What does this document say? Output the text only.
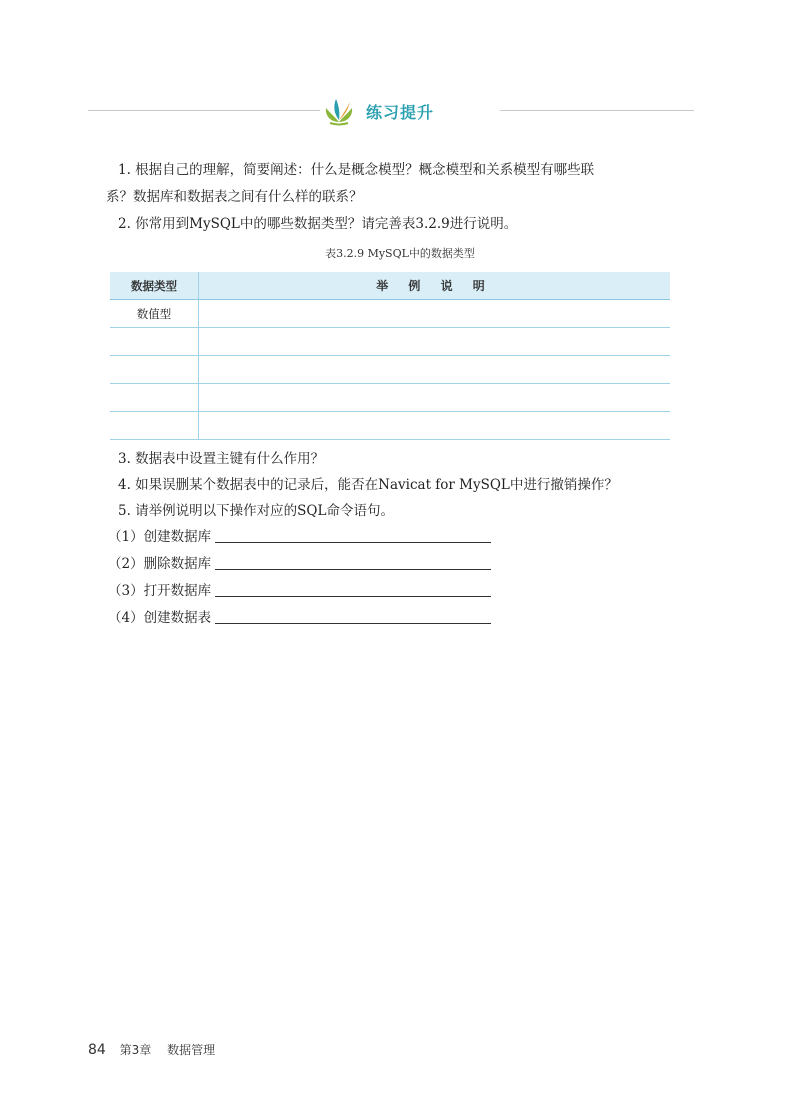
练习提升
1. 根据自己的理解，简要阐述：什么是概念模型？概念模型和关系模型有哪些联
系？数据库和数据表之间有什么样的联系？
2. 你常用到MySQL中的哪些数据类型？请完善表3.2.9进行说明。
表3.2.9 MySQL中的数据类型
数据类型	举 例 说 明
数值型
3. 数据表中设置主键有什么作用？
4. 如果误删某个数据表中的记录后，能否在Navicat for MySQL中进行撤销操作？
5. 请举例说明以下操作对应的SQL命令语句。
（1）创建数据库
（2）删除数据库
（3）打开数据库
（4）创建数据表
84 第3章 数据管理
